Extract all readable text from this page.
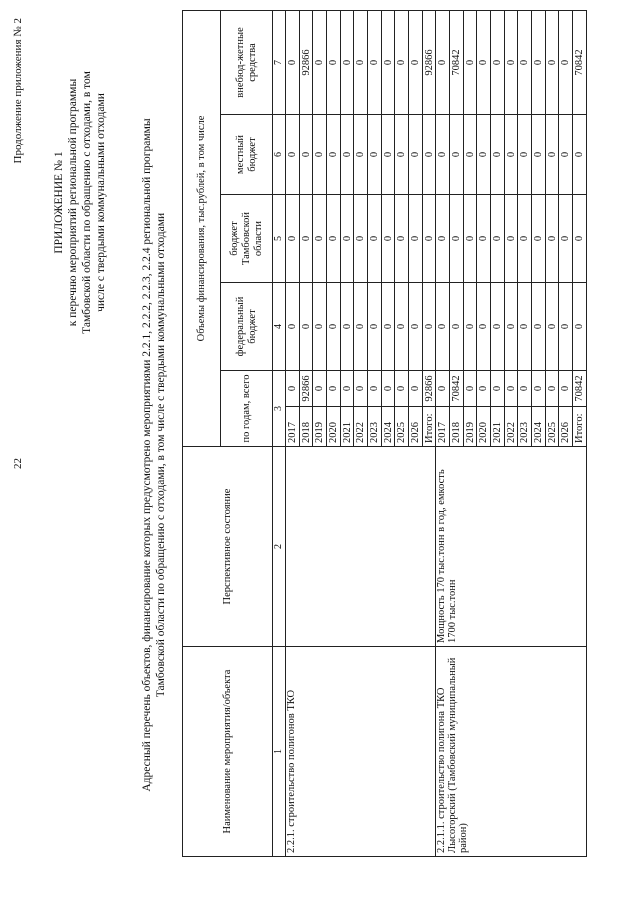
22
Продолжение приложения № 2
ПРИЛОЖЕНИЕ № 1 к перечню мероприятий региональной программы Тамбовской области по обращению с отходами, в том числе с твердыми коммунальными отходами	Адресный перечень объектов, финансирование которых предусмотрено мероприятиями 2.2.1, 2.2.2, 2.2.3, 2.2.4 региональной программы Тамбовской области по обращению с отходами, в том числе с твердыми коммунальными отходами
Наименование мероприятия/объекта	Перспективное состояние	Объемы финансирования, тыс.рублей, в том числе					
		по годам, всего		федеральный бюджет	бюджет Тамбовской области	местный бюджет	внебюд-жетные средства
1	2	3		4	5	6	7
2.2.1. строительство полигонов ТКО		2017	0	0	0	0	0
		2018	92866	0	0	0	92866
		2019	0	0	0	0	0
		2020	0	0	0	0	0
		2021	0	0	0	0	0
		2022	0	0	0	0	0
		2023	0	0	0	0	0
		2024	0	0	0	0	0
		2025	0	0	0	0	0
		2026	0	0	0	0	0
		Итого:	92866	0	0	0	92866
2.2.1.1. строительство полигона ТКО Лысогорский (Тамбовский муниципальный район)	Мощность 170 тыс.тонн в год, емкость 1700 тыс.тонн	2017	0	0	0	0	0
		2018	70842	0	0	0	70842
		2019	0	0	0	0	0
		2020	0	0	0	0	0
		2021	0	0	0	0	0
		2022	0	0	0	0	0
		2023	0	0	0	0	0
		2024	0	0	0	0	0
		2025	0	0	0	0	0
		2026	0	0	0	0	0
		Итого:	70842	0	0	0	70842
